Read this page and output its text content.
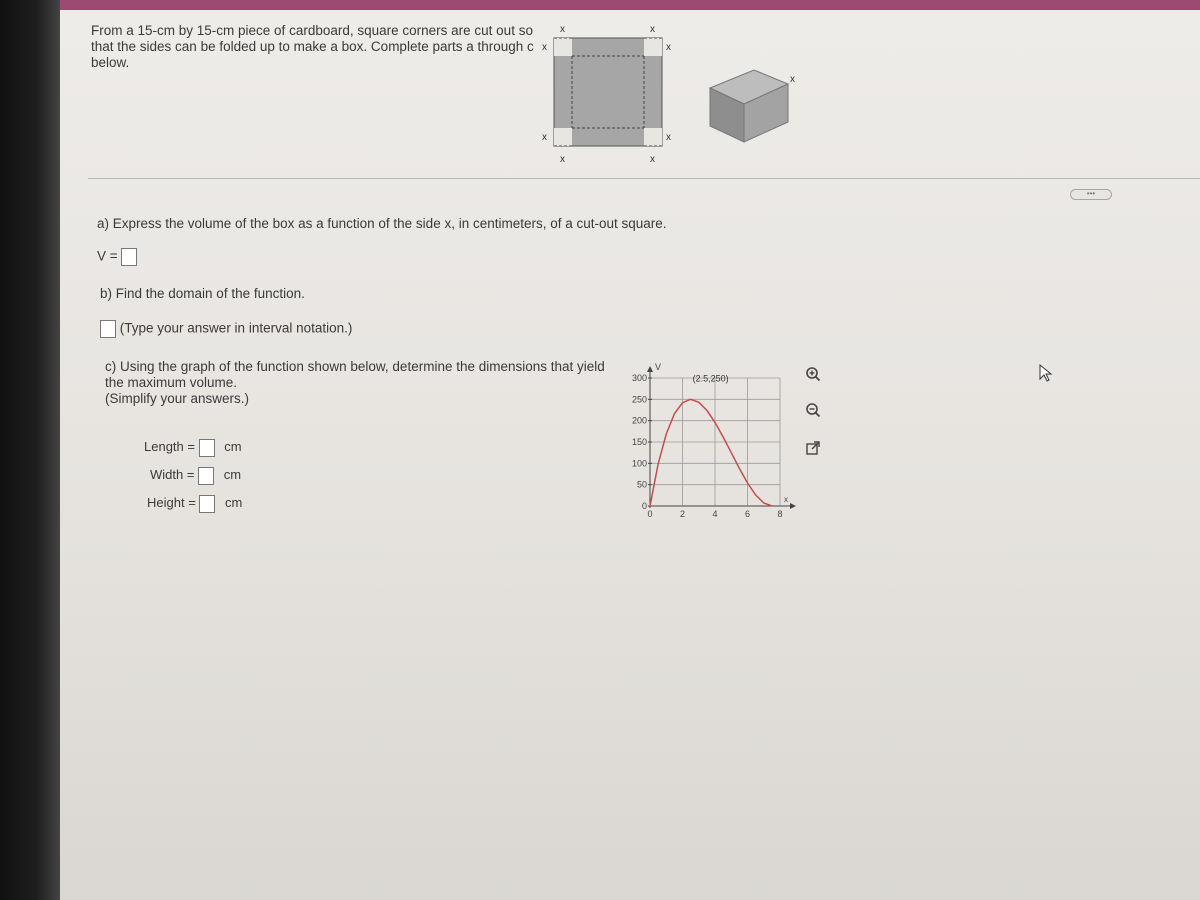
From a 15-cm by 15-cm piece of cardboard, square corners are cut out so that the sides can be folded up to make a box. Complete parts a through c below.

x	x
x	x
x	x
x	x
x
•••

a) Express the volume of the box as a function of the side x, in centimeters, of a cut-out square.

V =

b) Find the domain of the function.

(Type your answer in interval notation.)

c) Using the graph of the function shown below, determine the dimensions that yield
the maximum volume.
(Simplify your answers.)

Length = cm
Width = cm
Height = cm
V
x
0
50
100
150
200
250
300
0	2	4	6	8
(2.5,250)
